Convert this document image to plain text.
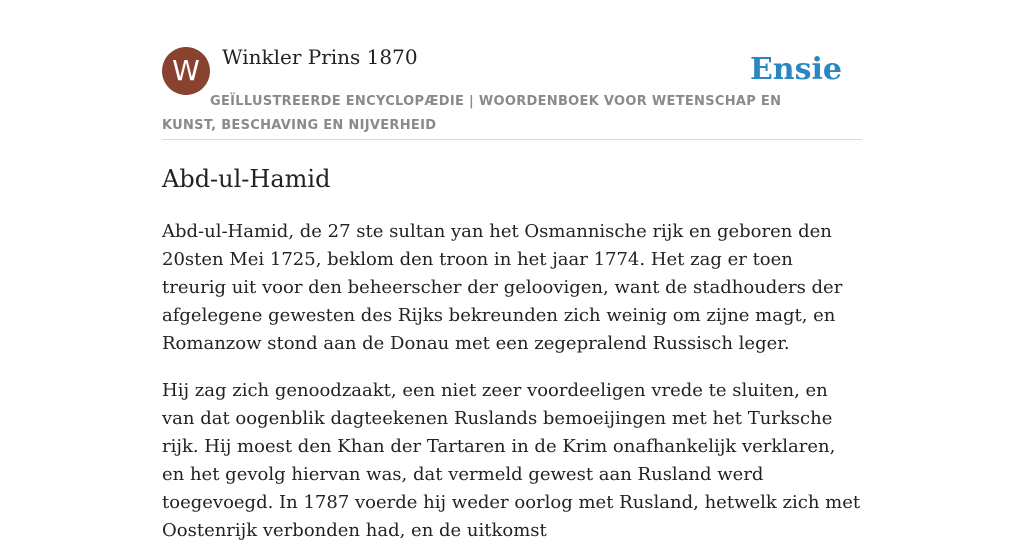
W	Winkler Prins 1870	Ensie
GEÏLLUSTREERDE ENCYCLOPÆDIE | WOORDENBOEK VOOR WETENSCHAP EN KUNST, BESCHAVING EN NIJVERHEID
Abd-ul-Hamid

Abd-ul-Hamid, de 27 ste sultan yan het Osmannische rijk en geboren den 20sten Mei 1725, beklom den troon in het jaar 1774. Het zag er toen treurig uit voor den beheerscher der geloovigen, want de stadhouders der afgelegene gewesten des Rijks bekreunden zich weinig om zijne magt, en Romanzow stond aan de Donau met een zegepralend Russisch leger.

Hij zag zich genoodzaakt, een niet zeer voordeeligen vrede te sluiten, en van dat oogenblik dagteekenen Ruslands bemoeijingen met het Turksche rijk. Hij moest den Khan der Tartaren in de Krim onafhankelijk verklaren, en het gevolg hiervan was, dat vermeld gewest aan Rusland werd toegevoegd. In 1787 voerde hij weder oorlog met Rusland, hetwelk zich met Oostenrijk verbonden had, en de uitkomst
